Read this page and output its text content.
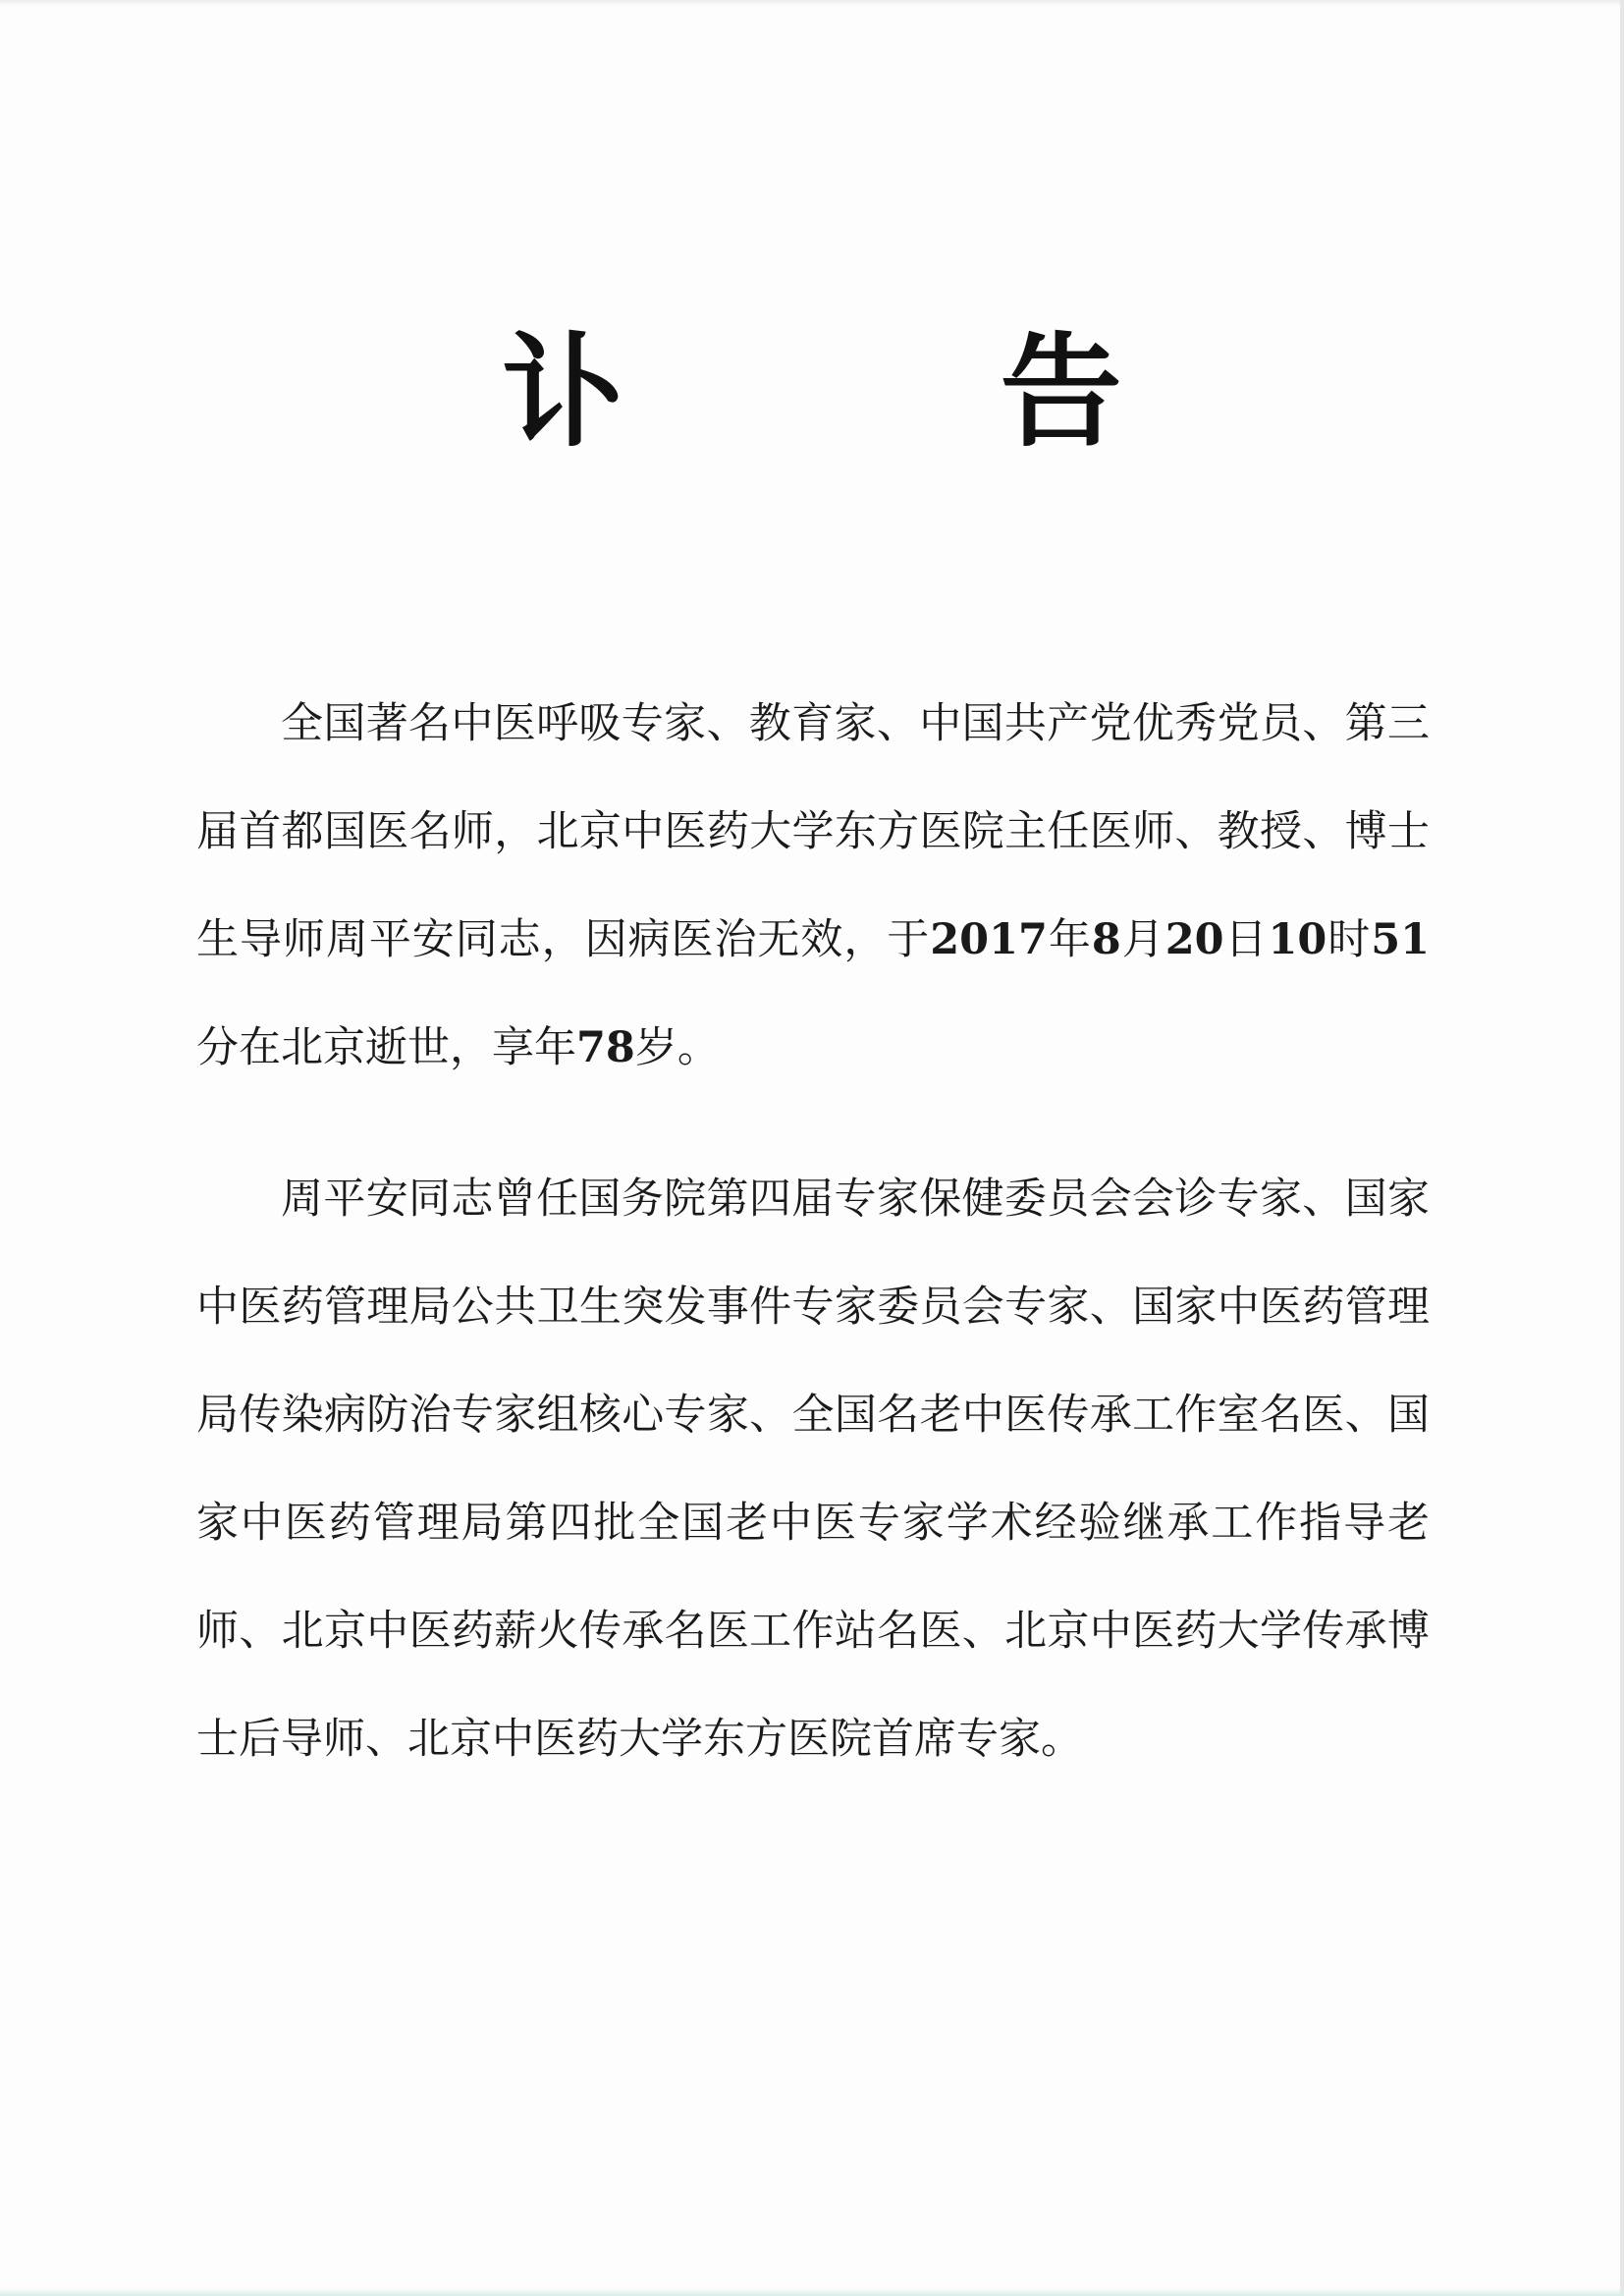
讣 告

全国著名中医呼吸专家、教育家、中国共产党优秀党员、第三届首都国医名师，北京中医药大学东方医院主任医师、教授、博士生导师周平安同志，因病医治无效，于2017年8月20日10时51分在北京逝世，享年78岁。

周平安同志曾任国务院第四届专家保健委员会会诊专家、国家中医药管理局公共卫生突发事件专家委员会专家、国家中医药管理局传染病防治专家组核心专家、全国名老中医传承工作室名医、国家中医药管理局第四批全国老中医专家学术经验继承工作指导老师、北京中医药薪火传承名医工作站名医、北京中医药大学传承博士后导师、北京中医药大学东方医院首席专家。
